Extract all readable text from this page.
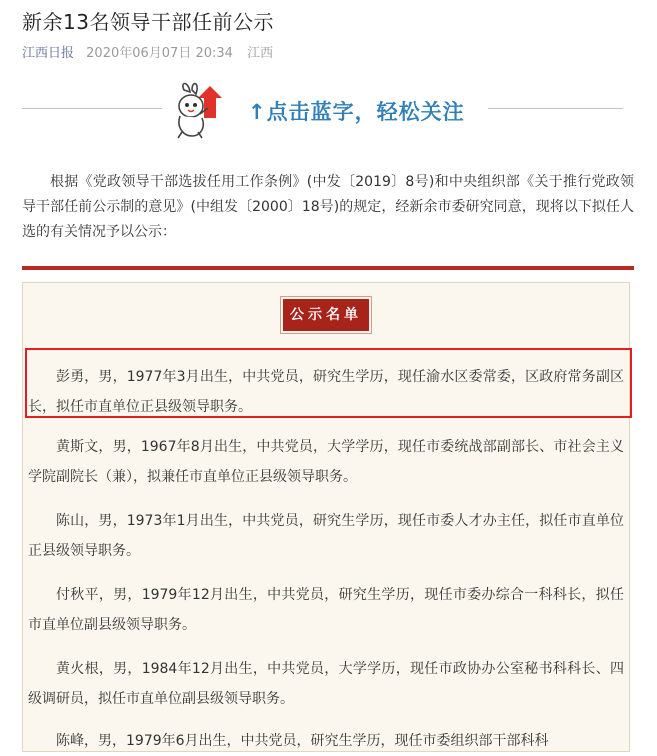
新余13名领导干部任前公示
江西日报 2020年06月07日 20:34 江西
↑点击蓝字，轻松关注

根据《党政领导干部选拔任用工作条例》(中发〔2019〕8号)和中央组织部《关于推行党政领导干部任前公示制的意见》(中组发〔2000〕18号)的规定，经新余市委研究同意，现将以下拟任人选的有关情况予以公示：

公示名单

彭勇，男，1977年3月出生，中共党员，研究生学历，现任渝水区委常委，区政府常务副区长，拟任市直单位正县级领导职务。

黄斯文，男，1967年8月出生，中共党员，大学学历，现任市委统战部副部长、市社会主义学院副院长（兼），拟兼任市直单位正县级领导职务。

陈山，男，1973年1月出生，中共党员，研究生学历，现任市委人才办主任，拟任市直单位正县级领导职务。

付秋平，男，1979年12月出生，中共党员，研究生学历，现任市委办综合一科科长，拟任市直单位副县级领导职务。

黄火根，男，1984年12月出生，中共党员，大学学历，现任市政协办公室秘书科科长、四级调研员，拟任市直单位副县级领导职务。

陈峰，男，1979年6月出生，中共党员，研究生学历，现任市委组织部干部科科
